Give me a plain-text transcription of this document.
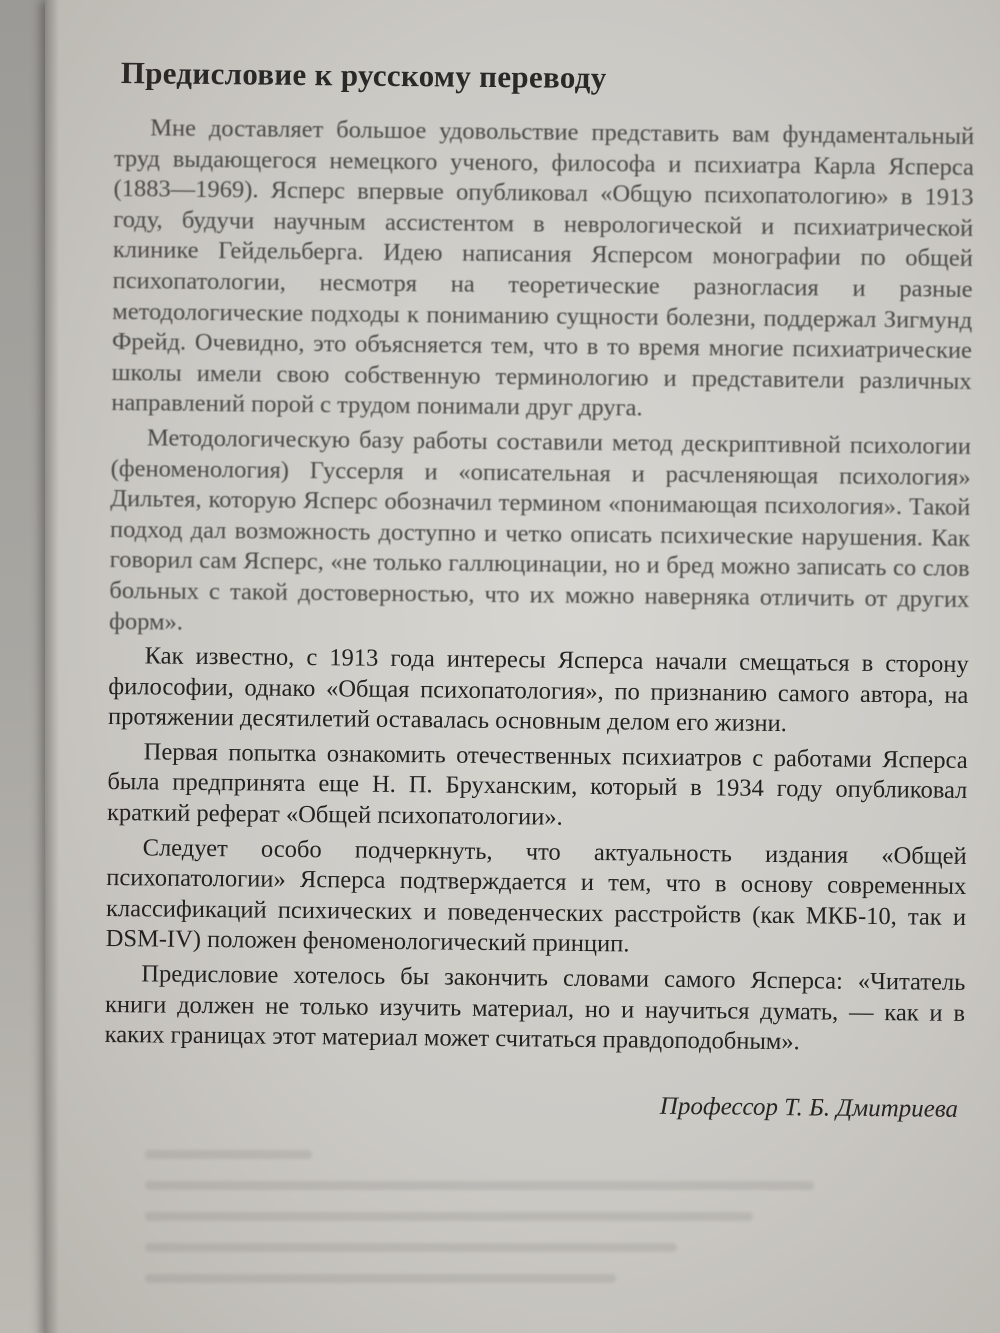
Предисловие к русскому переводу

Мне доставляет большое удовольствие представить вам фундаментальный труд выдающегося немецкого ученого, философа и психиатра Карла Ясперса (1883—1969). Ясперс впервые опубликовал «Общую психопатологию» в 1913 году, будучи научным ассистентом в неврологической и психиатрической клинике Гейдельберга. Идею написания Ясперсом монографии по общей психопатологии, несмотря на теоретические разногласия и разные методологические подходы к пониманию сущности болезни, поддержал Зигмунд Фрейд. Очевидно, это объясняется тем, что в то время многие психиатрические школы имели свою собственную терминологию и представители различных направлений порой с трудом понимали друг друга.

Методологическую базу работы составили метод дескриптивной психологии (феноменология) Гуссерля и «описательная и расчленяющая психология» Дильтея, которую Ясперс обозначил термином «понимающая психология». Такой подход дал возможность доступно и четко описать психические нарушения. Как говорил сам Ясперс, «не только галлюцинации, но и бред можно записать со слов больных с такой достоверностью, что их можно наверняка отличить от других форм».

Как известно, с 1913 года интересы Ясперса начали смещаться в сторону философии, однако «Общая психопатология», по признанию самого автора, на протяжении десятилетий оставалась основным делом его жизни.

Первая попытка ознакомить отечественных психиатров с работами Ясперса была предпринята еще Н. П. Бруханским, который в 1934 году опубликовал краткий реферат «Общей психопатологии».

Следует особо подчеркнуть, что актуальность издания «Общей психопатологии» Ясперса подтверждается и тем, что в основу современных классификаций психических и поведенческих расстройств (как МКБ-10, так и DSM-IV) положен феноменологический принцип.

Предисловие хотелось бы закончить словами самого Ясперса: «Читатель книги должен не только изучить материал, но и научиться думать, — как и в каких границах этот материал может считаться правдоподобным».

Профессор Т. Б. Дмитриева
